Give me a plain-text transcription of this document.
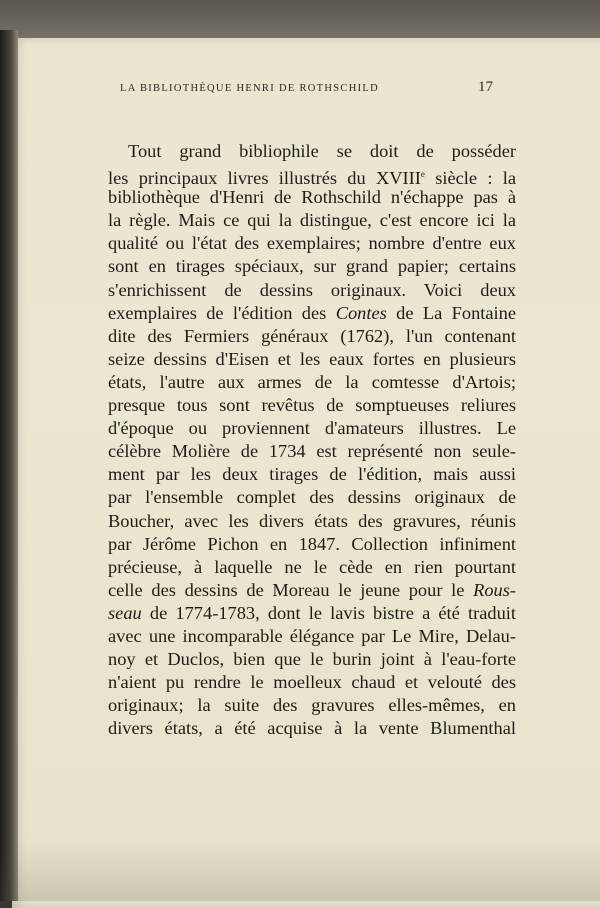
LA BIBLIOTHÈQUE HENRI DE ROTHSCHILD	17
Tout grand bibliophile se doit de posséder
les principaux livres illustrés du XVIIIe siècle : la
bibliothèque d'Henri de Rothschild n'échappe pas à
la règle. Mais ce qui la distingue, c'est encore ici la
qualité ou l'état des exemplaires; nombre d'entre eux
sont en tirages spéciaux, sur grand papier; certains
s'enrichissent de dessins originaux. Voici deux
exemplaires de l'édition des Contes de La Fontaine
dite des Fermiers généraux (1762), l'un contenant
seize dessins d'Eisen et les eaux fortes en plusieurs
états, l'autre aux armes de la comtesse d'Artois;
presque tous sont revêtus de somptueuses reliures
d'époque ou proviennent d'amateurs illustres. Le
célèbre Molière de 1734 est représenté non seule-
ment par les deux tirages de l'édition, mais aussi
par l'ensemble complet des dessins originaux de
Boucher, avec les divers états des gravures, réunis
par Jérôme Pichon en 1847. Collection infiniment
précieuse, à laquelle ne le cède en rien pourtant
celle des dessins de Moreau le jeune pour le Rous-
seau de 1774-1783, dont le lavis bistre a été traduit
avec une incomparable élégance par Le Mire, Delau-
noy et Duclos, bien que le burin joint à l'eau-forte
n'aient pu rendre le moelleux chaud et velouté des
originaux; la suite des gravures elles-mêmes, en
divers états, a été acquise à la vente Blumenthal
